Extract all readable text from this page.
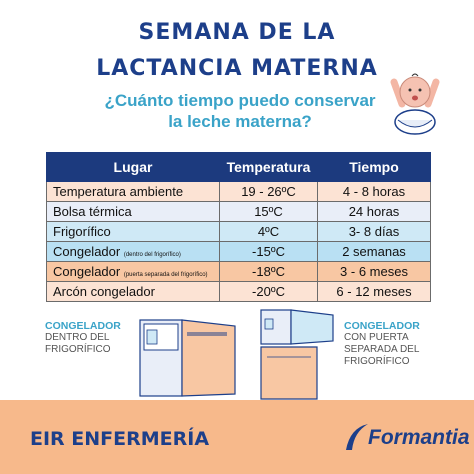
SEMANA DE LA
LACTANCIA MATERNA
¿Cuánto tiempo puedo conservar
la leche materna?
Lugar	Temperatura	Tiempo
Temperatura ambiente	19 - 26ºC	4 - 8 horas
Bolsa térmica	15ºC	24 horas
Frigorífico	4ºC	3- 8 días
Congelador (dentro del frigorífico)	-15ºC	2 semanas
Congelador (puerta separada del frigorífico)	-18ºC	3 - 6 meses
Arcón congelador	-20ºC	6 - 12 meses
CONGELADOR
DENTRO DEL
FRIGORÍFICO
CONGELADOR
CON PUERTA
SEPARADA DEL
FRIGORÍFICO
EIR ENFERMERÍA	Formantia
